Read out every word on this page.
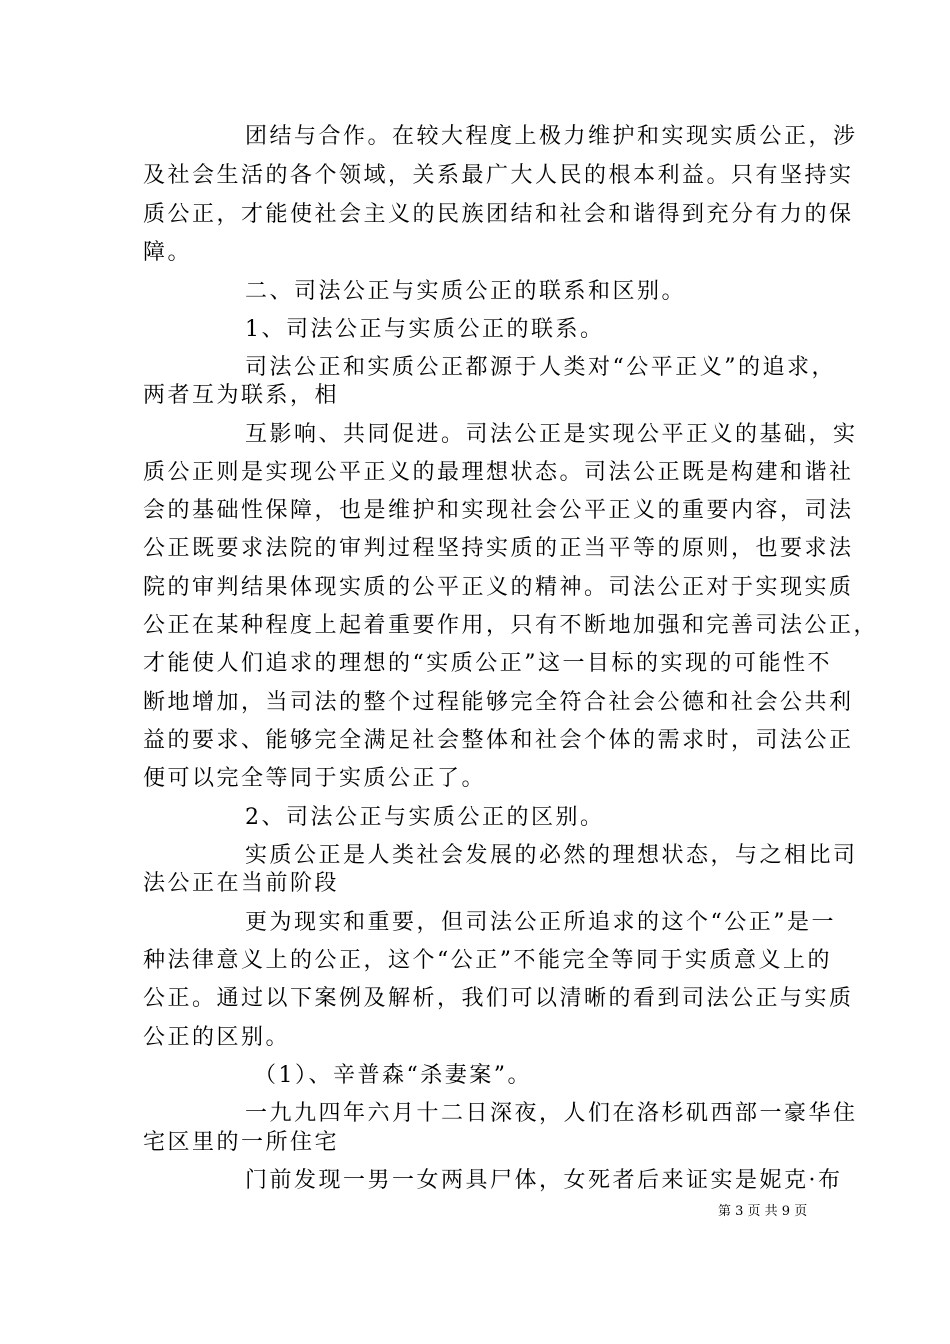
团结与合作。在较大程度上极力维护和实现实质公正，涉
及社会生活的各个领域，关系最广大人民的根本利益。只有坚持实
质公正，才能使社会主义的民族团结和社会和谐得到充分有力的保
障。
二、司法公正与实质公正的联系和区别。
1、司法公正与实质公正的联系。
司法公正和实质公正都源于人类对“公平正义”的追求，
两者互为联系，相
互影响、共同促进。司法公正是实现公平正义的基础，实
质公正则是实现公平正义的最理想状态。司法公正既是构建和谐社
会的基础性保障，也是维护和实现社会公平正义的重要内容，司法
公正既要求法院的审判过程坚持实质的正当平等的原则，也要求法
院的审判结果体现实质的公平正义的精神。司法公正对于实现实质
公正在某种程度上起着重要作用，只有不断地加强和完善司法公正，
才能使人们追求的理想的“实质公正”这一目标的实现的可能性不
断地增加，当司法的整个过程能够完全符合社会公德和社会公共利
益的要求、能够完全满足社会整体和社会个体的需求时，司法公正
便可以完全等同于实质公正了。
2、司法公正与实质公正的区别。
实质公正是人类社会发展的必然的理想状态，与之相比司
法公正在当前阶段
更为现实和重要，但司法公正所追求的这个“公正”是一
种法律意义上的公正，这个“公正”不能完全等同于实质意义上的
公正。通过以下案例及解析，我们可以清晰的看到司法公正与实质
公正的区别。
（1）、辛普森“杀妻案”。
一九九四年六月十二日深夜，人们在洛杉矶西部一豪华住
宅区里的一所住宅
门前发现一男一女两具尸体，女死者后来证实是妮克·布
第 3 页 共 9 页
